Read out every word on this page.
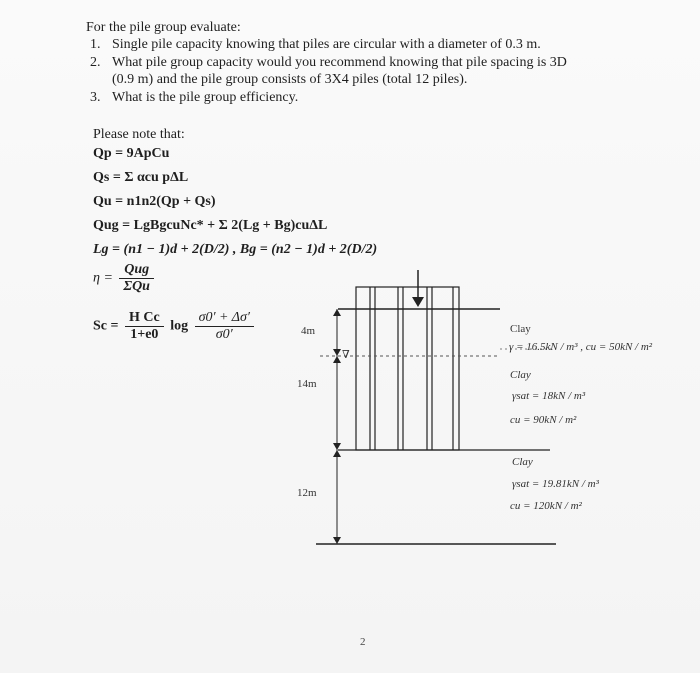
For the pile group evaluate:
1. Single pile capacity knowing that piles are circular with a diameter of 0.3 m.
2. What pile group capacity would you recommend knowing that pile spacing is 3D
(0.9 m) and the pile group consists of 3X4 piles (total 12 piles).
3. What is the pile group efficiency.
Please note that:
Qp = 9ApCu
Qs = Σ αcu pΔL
Qu = n1n2(Qp + Qs)
Qug = LgBgcuNc* + Σ 2(Lg + Bg)cuΔL
Lg = (n1 − 1)d + 2(D/2) , Bg = (n2 − 1)d + 2(D/2)
$\eta = \frac{\text{Qug}}{\text{ΣQu}}$
$Sc = \frac{\text{H Cc}}{1+e0}$ $\log \frac{\sigma 0' + \Delta\sigma'}{\sigma 0'}$
∇
4m
14m
12m
Clay
γ = 16.5kN / m³ , cu = 50kN / m²
Clay
γsat = 18kN / m³
cu = 90kN / m²
Clay
γsat = 19.81kN / m³
cu = 120kN / m²
2
